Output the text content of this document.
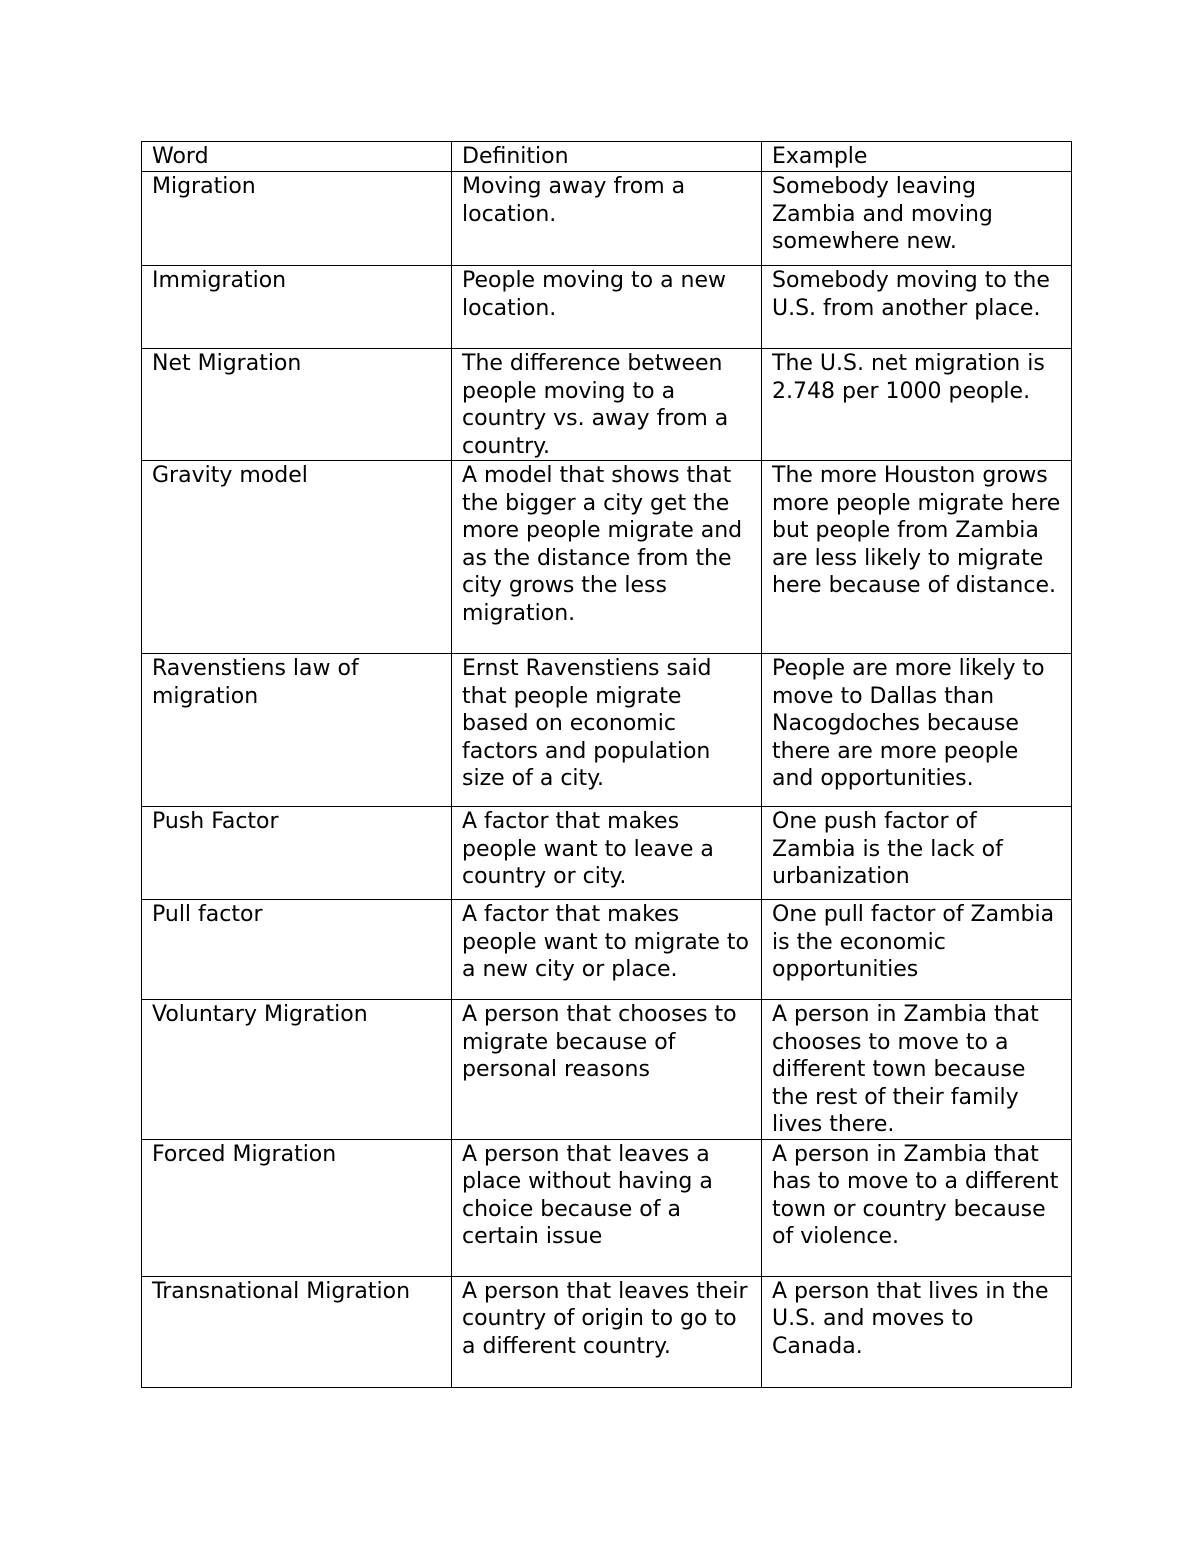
Word	Definition	Example
Migration	Moving away from a location.	Somebody leaving Zambia and moving somewhere new.
Immigration	People moving to a new location.	Somebody moving to the U.S. from another place.
Net Migration	The difference between people moving to a country vs. away from a country.	The U.S. net migration is 2.748 per 1000 people.
Gravity model	A model that shows that the bigger a city get the more people migrate and as the distance from the city grows the less migration.	The more Houston grows more people migrate here but people from Zambia are less likely to migrate here because of distance.
Ravenstiens law of migration	Ernst Ravenstiens said that people migrate based on economic factors and population size of a city.	People are more likely to move to Dallas than Nacogdoches because there are more people and opportunities.
Push Factor	A factor that makes people want to leave a country or city.	One push factor of Zambia is the lack of urbanization
Pull factor	A factor that makes people want to migrate to a new city or place.	One pull factor of Zambia is the economic opportunities
Voluntary Migration	A person that chooses to migrate because of personal reasons	A person in Zambia that chooses to move to a different town because the rest of their family lives there.
Forced Migration	A person that leaves a place without having a choice because of a certain issue	A person in Zambia that has to move to a different town or country because of violence.
Transnational Migration	A person that leaves their country of origin to go to a different country.	A person that lives in the U.S. and moves to Canada.
